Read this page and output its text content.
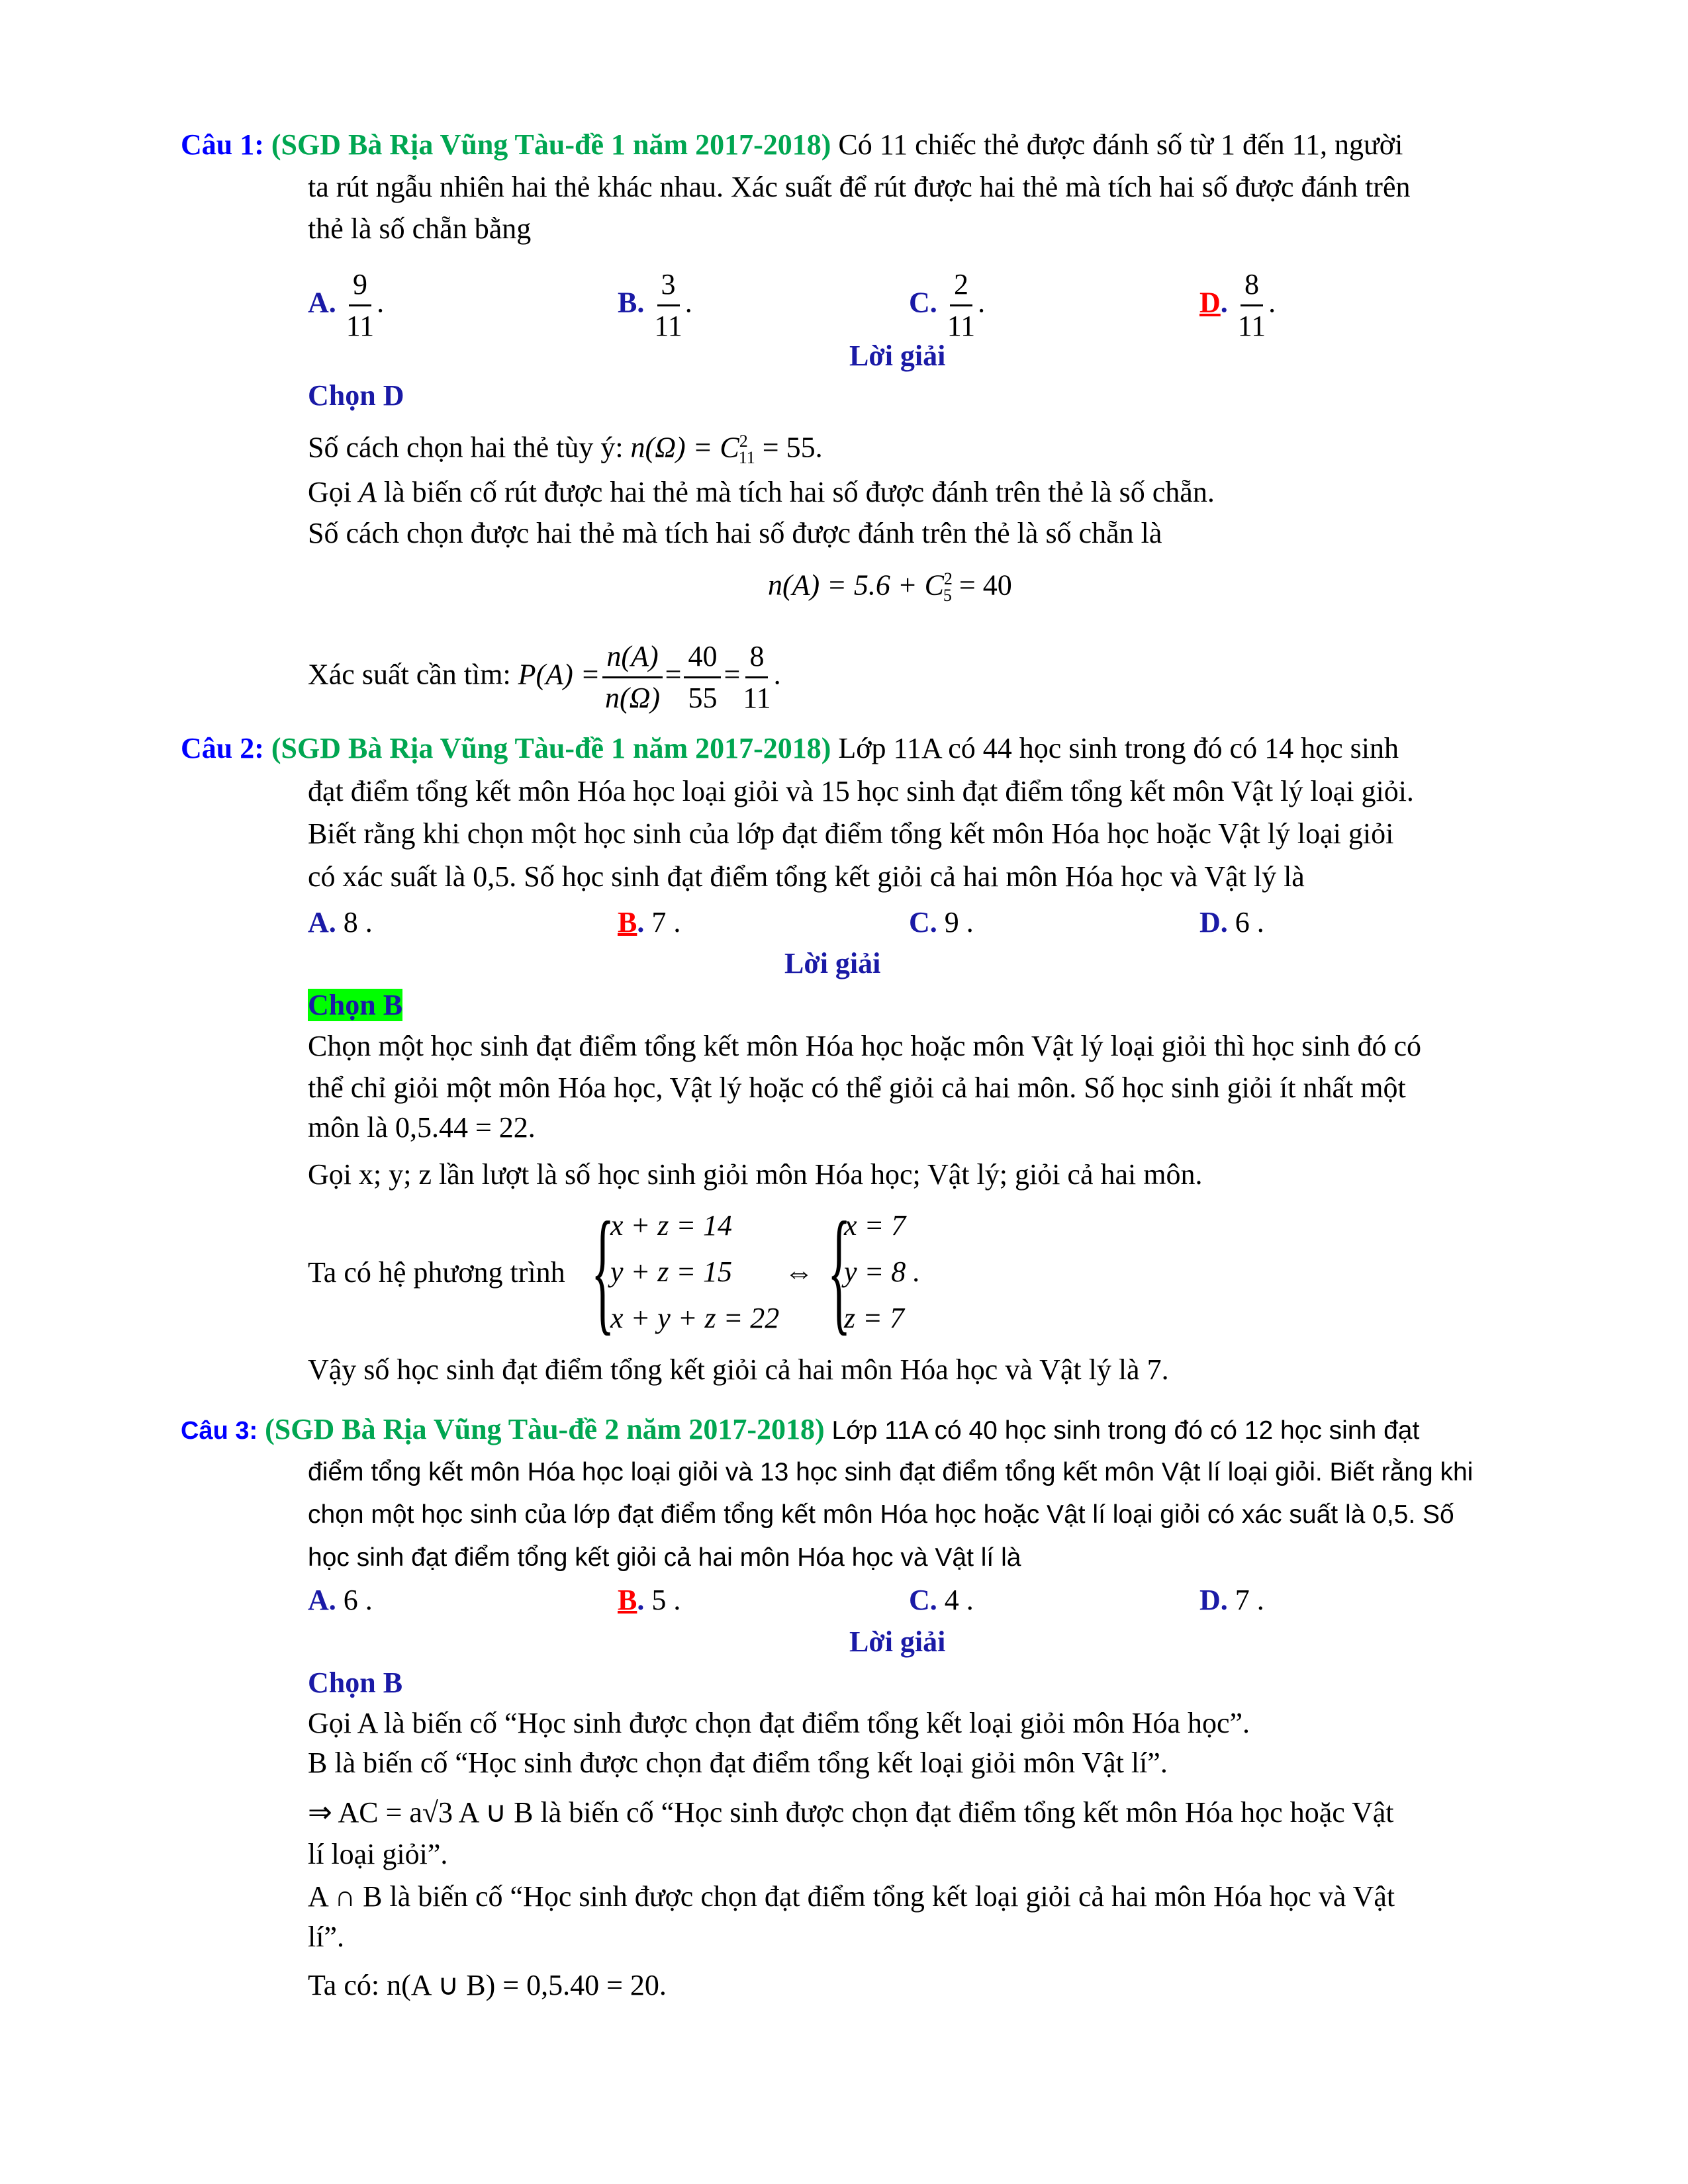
Câu 1: (SGD Bà Rịa Vũng Tàu-đề 1 năm 2017-2018) Có 11 chiếc thẻ được đánh số từ 1 đến 11, người
ta rút ngẫu nhiên hai thẻ khác nhau. Xác suất để rút được hai thẻ mà tích hai số được đánh trên
thẻ là số chẵn bằng
A. $\frac{9}{11}$ .	B. $\frac{3}{11}$ .	C. $\frac{2}{11}$ .	D. $\frac{8}{11}$ .
Lời giải
Chọn D
Số cách chọn hai thẻ tùy ý: $n(\Omega) = C^2_{11} = 55$.
Gọi A là biến cố rút được hai thẻ mà tích hai số được đánh trên thẻ là số chẵn.
Số cách chọn được hai thẻ mà tích hai số được đánh trên thẻ là số chẵn là
$n(A) = 5.6 + C^2_5 = 40$
Xác suất cần tìm: $P(A) = \frac{n(A)}{n(\Omega)} = \frac{40}{55} = \frac{8}{11}$ .
Câu 2: (SGD Bà Rịa Vũng Tàu-đề 1 năm 2017-2018) Lớp 11A có 44 học sinh trong đó có 14 học sinh
đạt điểm tổng kết môn Hóa học loại giỏi và 15 học sinh đạt điểm tổng kết môn Vật lý loại giỏi.
Biết rằng khi chọn một học sinh của lớp đạt điểm tổng kết môn Hóa học hoặc Vật lý loại giỏi
có xác suất là 0,5. Số học sinh đạt điểm tổng kết giỏi cả hai môn Hóa học và Vật lý là
A. 8 .	B. 7 .	C. 9 .	D. 6 .
Lời giải
Chọn B
Chọn một học sinh đạt điểm tổng kết môn Hóa học hoặc môn Vật lý loại giỏi thì học sinh đó có
thể chỉ giỏi một môn Hóa học, Vật lý hoặc có thể giỏi cả hai môn. Số học sinh giỏi ít nhất một
môn là 0,5.44 = 22.
Gọi x; y; z lần lượt là số học sinh giỏi môn Hóa học; Vật lý; giỏi cả hai môn.
Ta có hệ phương trình {
x + z = 14
y + z = 15
x + y + z = 22
⇔ {
x = 7
y = 8 .
z = 7
Vậy số học sinh đạt điểm tổng kết giỏi cả hai môn Hóa học và Vật lý là 7.
Câu 3: (SGD Bà Rịa Vũng Tàu-đề 2 năm 2017-2018) Lớp 11A có 40 học sinh trong đó có 12 học sinh đạt
điểm tổng kết môn Hóa học loại giỏi và 13 học sinh đạt điểm tổng kết môn Vật lí loại giỏi. Biết rằng khi
chọn một học sinh của lớp đạt điểm tổng kết môn Hóa học hoặc Vật lí loại giỏi có xác suất là 0,5. Số
học sinh đạt điểm tổng kết giỏi cả hai môn Hóa học và Vật lí là
A. 6 .	B. 5 .	C. 4 .	D. 7 .
Lời giải
Chọn B
Gọi A là biến cố “Học sinh được chọn đạt điểm tổng kết loại giỏi môn Hóa học”.
B là biến cố “Học sinh được chọn đạt điểm tổng kết loại giỏi môn Vật lí”.
⇒ AC = a√3 A ∪ B là biến cố “Học sinh được chọn đạt điểm tổng kết môn Hóa học hoặc Vật
lí loại giỏi”.
A ∩ B là biến cố “Học sinh được chọn đạt điểm tổng kết loại giỏi cả hai môn Hóa học và Vật
lí”.
Ta có: n(A ∪ B) = 0,5.40 = 20.
